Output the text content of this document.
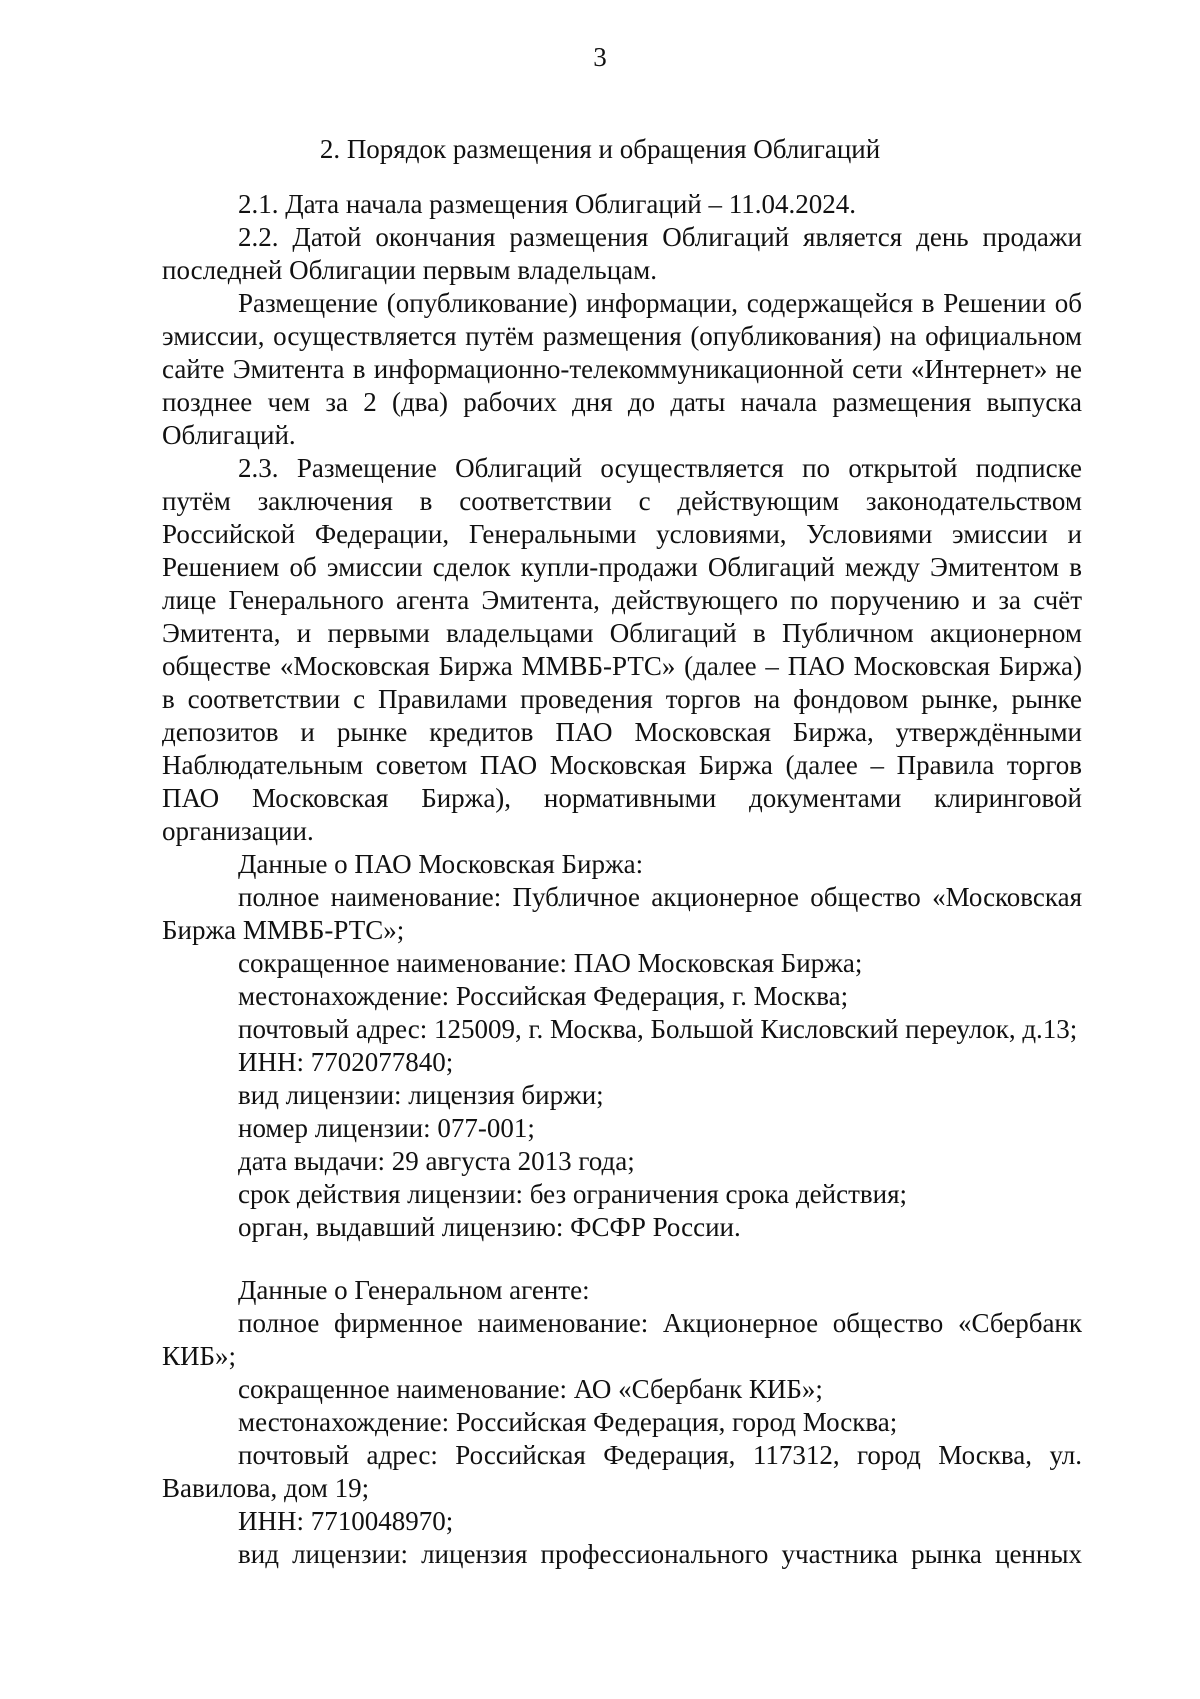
3
2. Порядок размещения и обращения Облигаций

2.1. Дата начала размещения Облигаций – 11.04.2024.

2.2. Датой окончания размещения Облигаций является день продажи последней Облигации первым владельцам.

Размещение (опубликование) информации, содержащейся в Решении об эмиссии, осуществляется путём размещения (опубликования) на официальном сайте Эмитента в информационно-телекоммуникационной сети «Интернет» не позднее чем за 2 (два) рабочих дня до даты начала размещения выпуска Облигаций.

2.3. Размещение Облигаций осуществляется по открытой подписке путём заключения в соответствии с действующим законодательством Российской Федерации, Генеральными условиями, Условиями эмиссии и Решением об эмиссии сделок купли-продажи Облигаций между Эмитентом в лице Генерального агента Эмитента, действующего по поручению и за счёт Эмитента, и первыми владельцами Облигаций в Публичном акционерном обществе «Московская Биржа ММВБ-РТС» (далее – ПАО Московская Биржа) в соответствии с Правилами проведения торгов на фондовом рынке, рынке депозитов и рынке кредитов ПАО Московская Биржа, утверждёнными Наблюдательным советом ПАО Московская Биржа (далее – Правила торгов ПАО Московская Биржа), нормативными документами клиринговой организации.

Данные о ПАО Московская Биржа:

полное наименование: Публичное акционерное общество «Московская Биржа ММВБ-РТС»;

сокращенное наименование: ПАО Московская Биржа;

местонахождение: Российская Федерация, г. Москва;

почтовый адрес: 125009, г. Москва, Большой Кисловский переулок, д.13;

ИНН: 7702077840;

вид лицензии: лицензия биржи;

номер лицензии: 077-001;

дата выдачи: 29 августа 2013 года;

срок действия лицензии: без ограничения срока действия;

орган, выдавший лицензию: ФСФР России.

Данные о Генеральном агенте:

полное фирменное наименование: Акционерное общество «Сбербанк КИБ»;

сокращенное наименование: АО «Сбербанк КИБ»;

местонахождение: Российская Федерация, город Москва;

почтовый адрес: Российская Федерация, 117312, город Москва, ул. Вавилова, дом 19;

ИНН: 7710048970;

вид лицензии: лицензия профессионального участника рынка ценных
